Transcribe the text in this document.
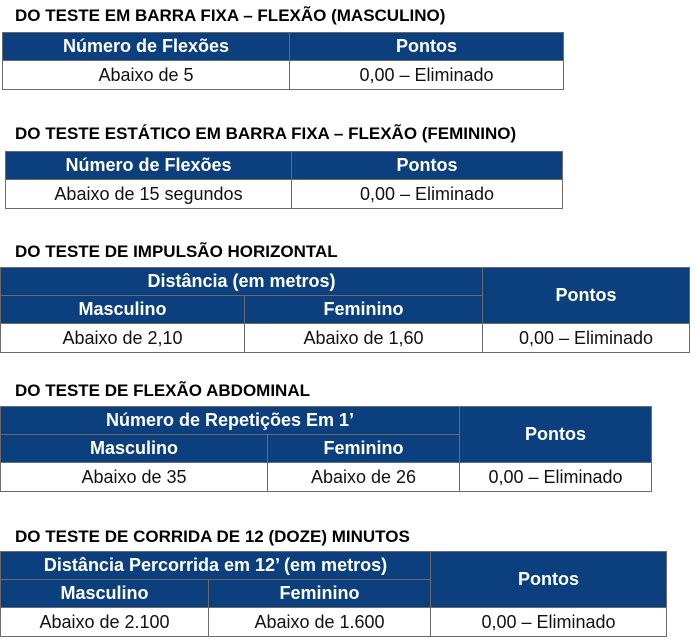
DO TESTE EM BARRA FIXA – FLEXÃO (MASCULINO)
Número de Flexões	Pontos
Abaixo de 5	0,00 – Eliminado
DO TESTE ESTÁTICO EM BARRA FIXA – FLEXÃO (FEMININO)
Número de Flexões	Pontos
Abaixo de 15 segundos	0,00 – Eliminado
DO TESTE DE IMPULSÃO HORIZONTAL
Distância (em metros)		Pontos
Masculino	Feminino	
Abaixo de 2,10	Abaixo de 1,60	0,00 – Eliminado
DO TESTE DE FLEXÃO ABDOMINAL
Número de Repetições Em 1’		Pontos
Masculino	Feminino	
Abaixo de 35	Abaixo de 26	0,00 – Eliminado
DO TESTE DE CORRIDA DE 12 (DOZE) MINUTOS
Distância Percorrida em 12’ (em metros)		Pontos
Masculino	Feminino	
Abaixo de 2.100	Abaixo de 1.600	0,00 – Eliminado
